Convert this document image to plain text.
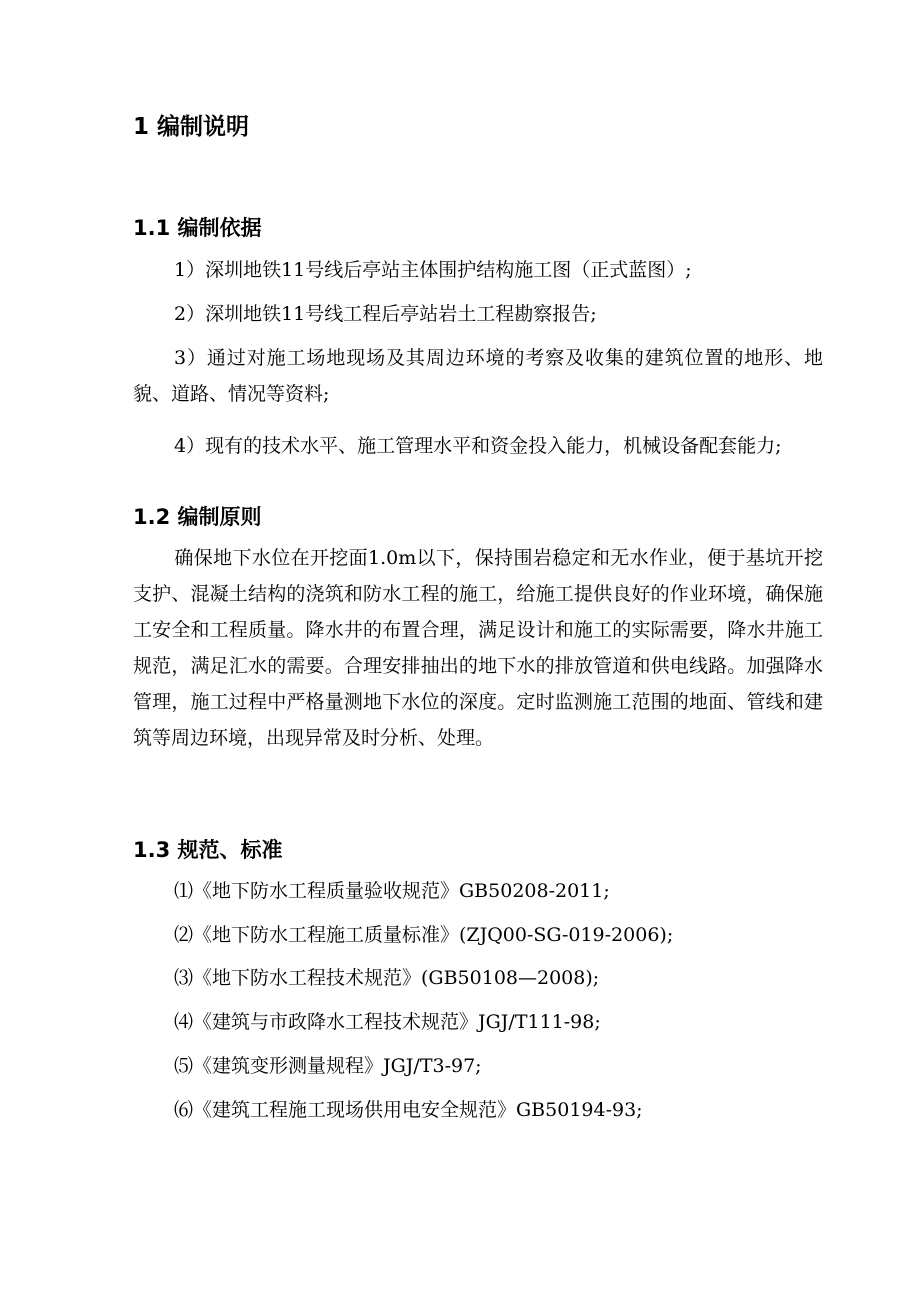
1 编制说明
1.1 编制依据

1）深圳地铁11号线后亭站主体围护结构施工图（正式蓝图）;

2）深圳地铁11号线工程后亭站岩土工程勘察报告;

3）通过对施工场地现场及其周边环境的考察及收集的建筑位置的地形、地貌、道路、情况等资料;

4）现有的技术水平、施工管理水平和资金投入能力，机械设备配套能力;

1.2 编制原则

确保地下水位在开挖面1.0m以下，保持围岩稳定和无水作业，便于基坑开挖支护、混凝土结构的浇筑和防水工程的施工，给施工提供良好的作业环境，确保施工安全和工程质量。降水井的布置合理，满足设计和施工的实际需要，降水井施工规范，满足汇水的需要。合理安排抽出的地下水的排放管道和供电线路。加强降水管理，施工过程中严格量测地下水位的深度。定时监测施工范围的地面、管线和建筑等周边环境，出现异常及时分析、处理。

1.3 规范、标准

⑴《地下防水工程质量验收规范》GB50208-2011;

⑵《地下防水工程施工质量标准》(ZJQ00-SG-019-2006);

⑶《地下防水工程技术规范》(GB50108—2008);

⑷《建筑与市政降水工程技术规范》JGJ/T111-98;

⑸《建筑变形测量规程》JGJ/T3-97;

⑹《建筑工程施工现场供用电安全规范》GB50194-93;
